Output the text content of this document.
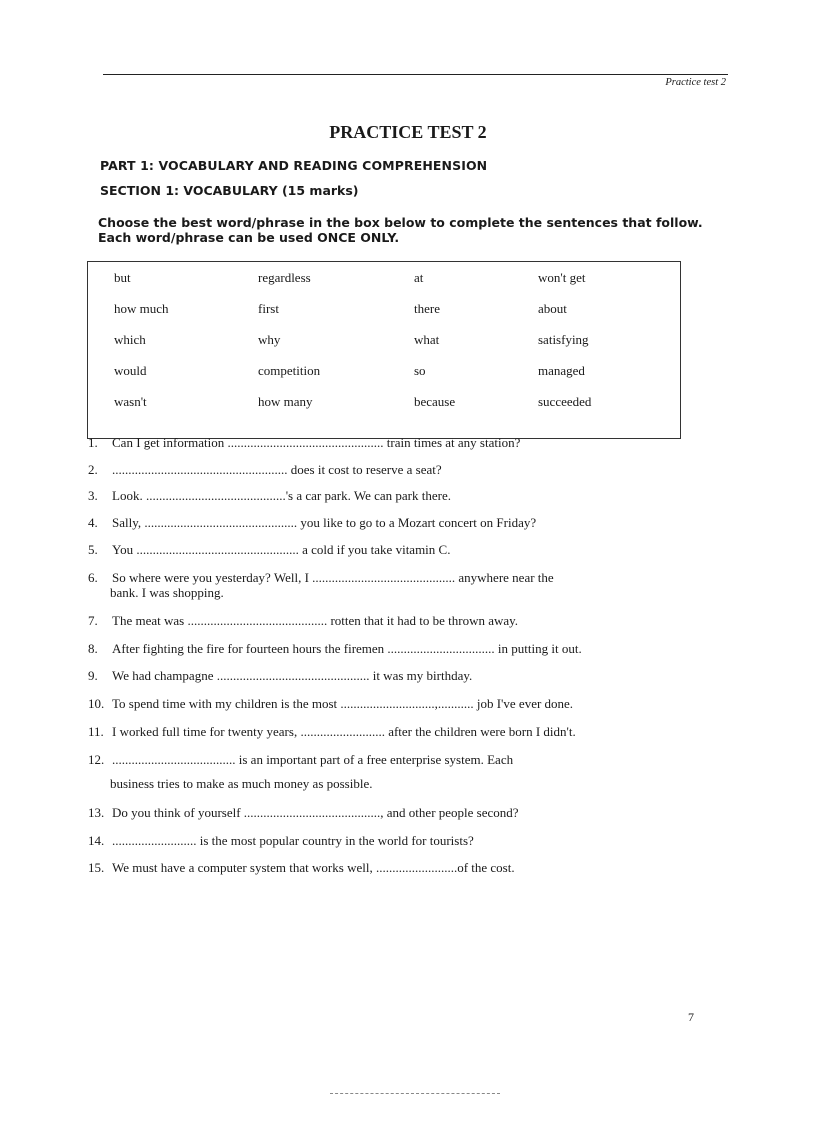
Practice test 2
PRACTICE TEST 2
PART 1: VOCABULARY AND READING COMPREHENSION
SECTION 1: VOCABULARY (15 marks)
Choose the best word/phrase in the box below to complete the sentences that follow.
Each word/phrase can be used ONCE ONLY.
but	regardless	at	won't get
how much	first	there	about
which	why	what	satisfying
would	competition	so	managed
wasn't	how many	because	succeeded
1. Can I get information ................................................ train times at any station?
2. ...................................................... does it cost to reserve a seat?
3. Look. ...........................................'s a car park. We can park there.
4. Sally, ............................................... you like to go to a Mozart concert on Friday?
5. You .................................................. a cold if you take vitamin C.
6. So where were you yesterday? Well, I ............................................ anywhere near the
bank. I was shopping.
7. The meat was ........................................... rotten that it had to be thrown away.
8. After fighting the fire for fourteen hours the firemen ................................. in putting it out.
9. We had champagne ............................................... it was my birthday.
10. To spend time with my children is the most .............................,........... job I've ever done.
11. I worked full time for twenty years, .......................... after the children were born I didn't.
12. ...................................... is an important part of a free enterprise system. Each
business tries to make as much money as possible.
13. Do you think of yourself .........................................., and other people second?
14. .......................... is the most popular country in the world for tourists?
15. We must have a computer system that works well, .........................of the cost.
7
